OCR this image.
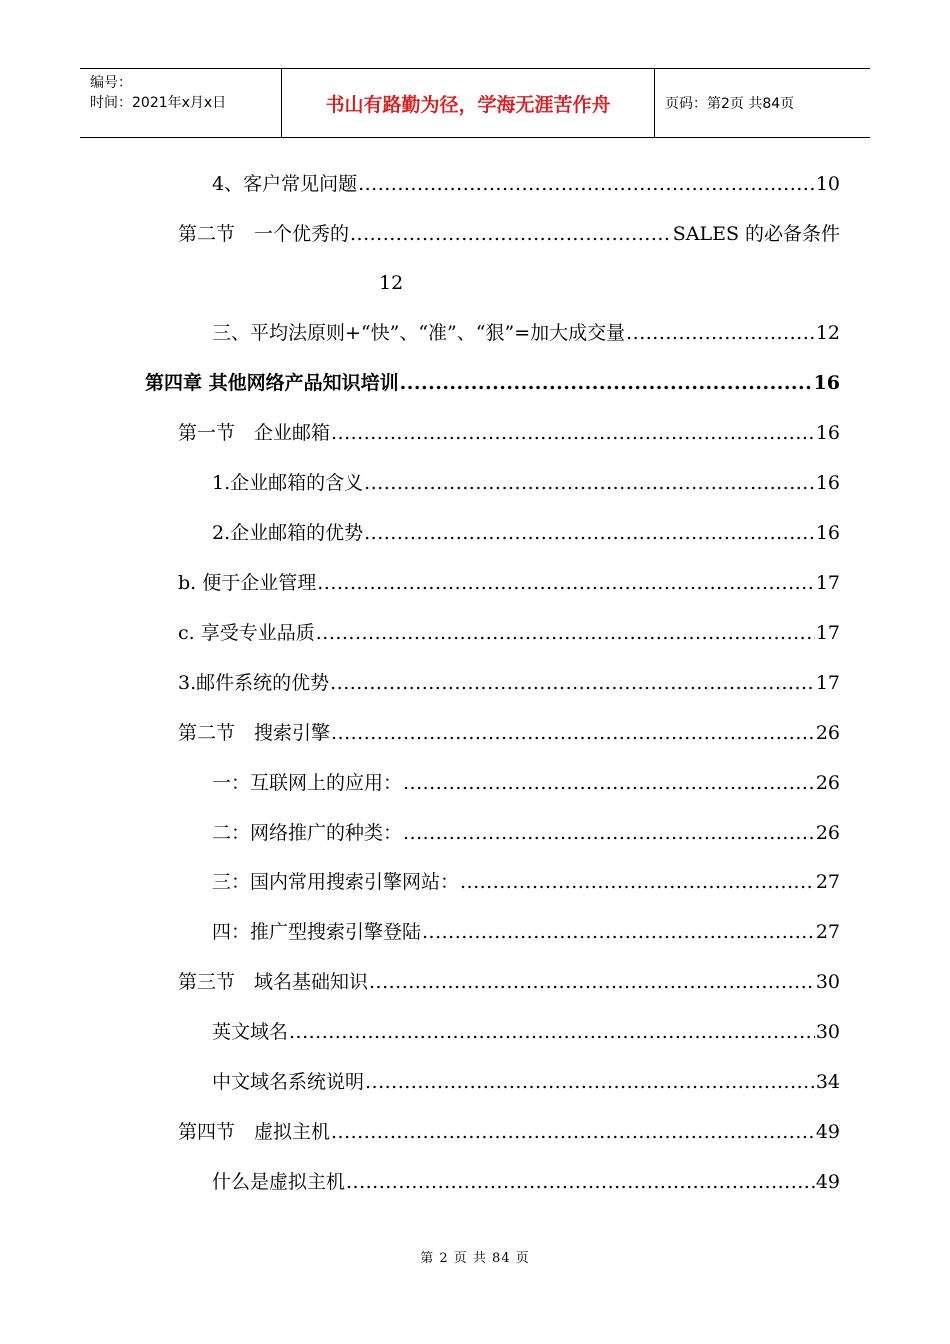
编号：
时间：2021年x月x日	书山有路勤为径，学海无涯苦作舟	页码：第2页 共84页
4、客户常见问题 .....	10
第二节　一个优秀的 .....	SALES 的必备条件
12
三、平均法原则+“快”、“准”、“狠”=加大成交量 .....	12
第四章 其他网络产品知识培训 .....	16
第一节　企业邮箱 .....	16
1.企业邮箱的含义 .....	16
2.企业邮箱的优势 .....	16
b. 便于企业管理 .....	17
c. 享受专业品质 .....	17
3.邮件系统的优势 .....	17
第二节　搜索引擎 .....	26
一：互联网上的应用： .....	26
二：网络推广的种类： .....	26
三：国内常用搜索引擎网站： .....	27
四：推广型搜索引擎登陆 .....	27
第三节　域名基础知识 .....	30
英文域名 .....	30
中文域名系统说明 .....	34
第四节　虚拟主机 .....	49
什么是虚拟主机 .....	49
第 2 页 共 84 页
